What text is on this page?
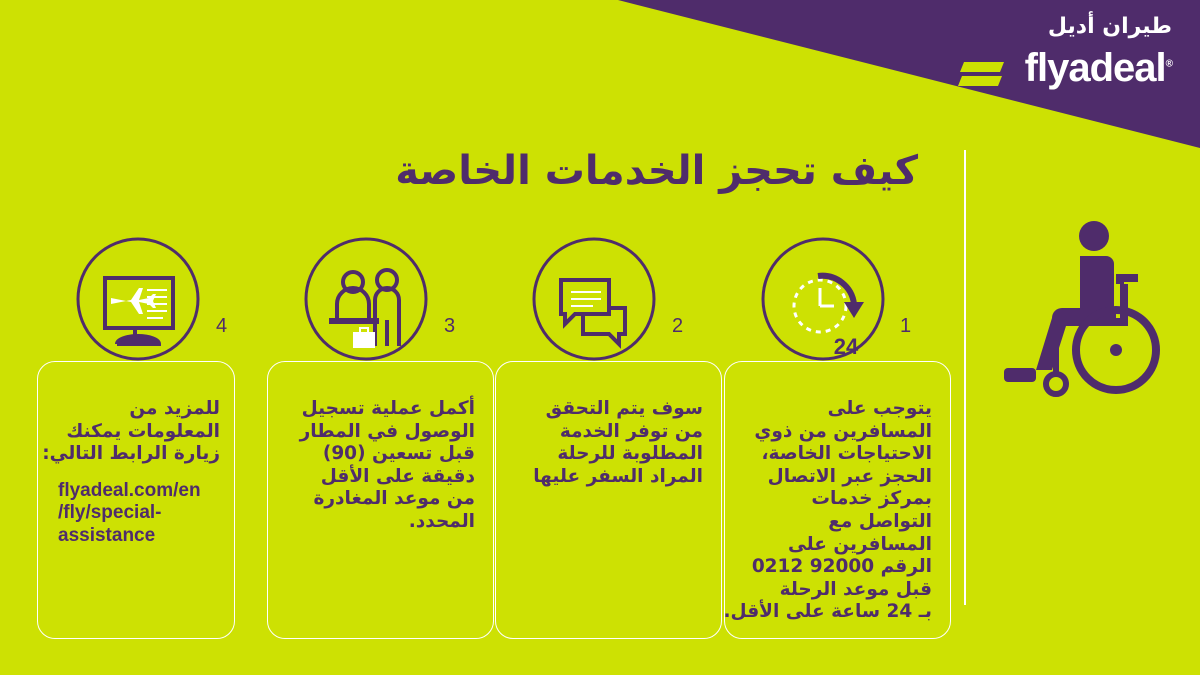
طيران أديل
flyadeal®
كيف تحجز الخدمات الخاصة
24
1
2
3
4
يتوجب على
المسافرين من ذوي
الاحتياجات الخاصة،
الحجز عبر الاتصال
بمركز خدمات
التواصل مع
المسافرين على
الرقم 92000 0212
قبل موعد الرحلة
بـ 24 ساعة على الأقل.
سوف يتم التحقق
من توفر الخدمة
المطلوبة للرحلة
المراد السفر عليها
أكمل عملية تسجيل
الوصول في المطار
قبل تسعين (90)
دقيقة على الأقل
من موعد المغادرة
المحدد.
للمزيد من
المعلومات يمكنك
زيارة الرابط التالي:
flyadeal.com/en
/fly/special-
assistance
